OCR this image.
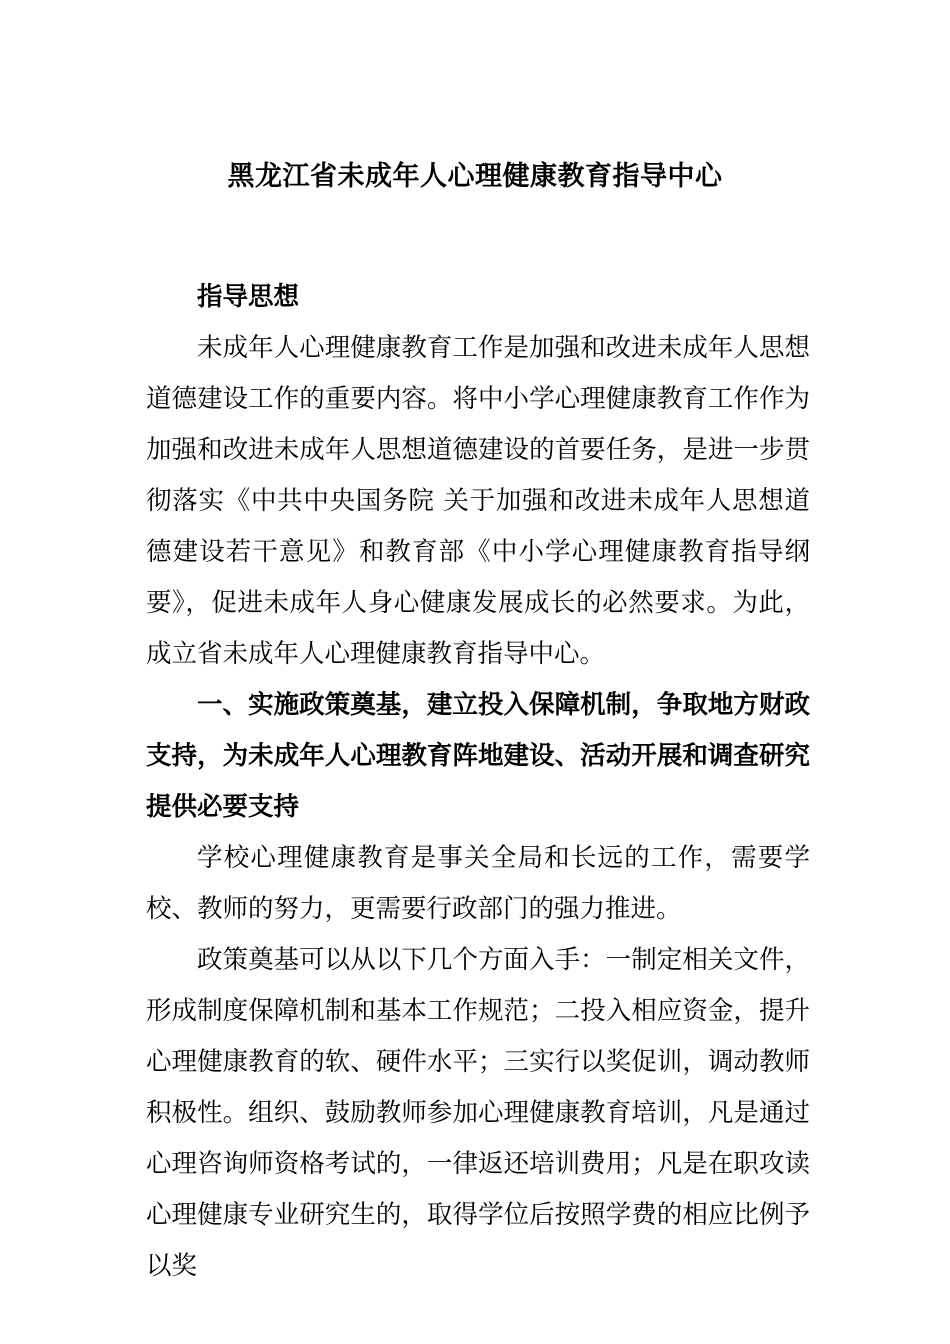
黑龙江省未成年人心理健康教育指导中心

指导思想

未成年人心理健康教育工作是加强和改进未成年人思想道德建设工作的重要内容。将中小学心理健康教育工作作为加强和改进未成年人思想道德建设的首要任务，是进一步贯彻落实《中共中央国务院 关于加强和改进未成年人思想道德建设若干意见》和教育部《中小学心理健康教育指导纲要》，促进未成年人身心健康发展成长的必然要求。为此，成立省未成年人心理健康教育指导中心。

一、实施政策奠基，建立投入保障机制，争取地方财政支持，为未成年人心理教育阵地建设、活动开展和调查研究提供必要支持

学校心理健康教育是事关全局和长远的工作，需要学校、教师的努力，更需要行政部门的强力推进。

政策奠基可以从以下几个方面入手：一制定相关文件，形成制度保障机制和基本工作规范；二投入相应资金，提升心理健康教育的软、硬件水平；三实行以奖促训，调动教师积极性。组织、鼓励教师参加心理健康教育培训，凡是通过心理咨询师资格考试的，一律返还培训费用；凡是在职攻读心理健康专业研究生的，取得学位后按照学费的相应比例予以奖
